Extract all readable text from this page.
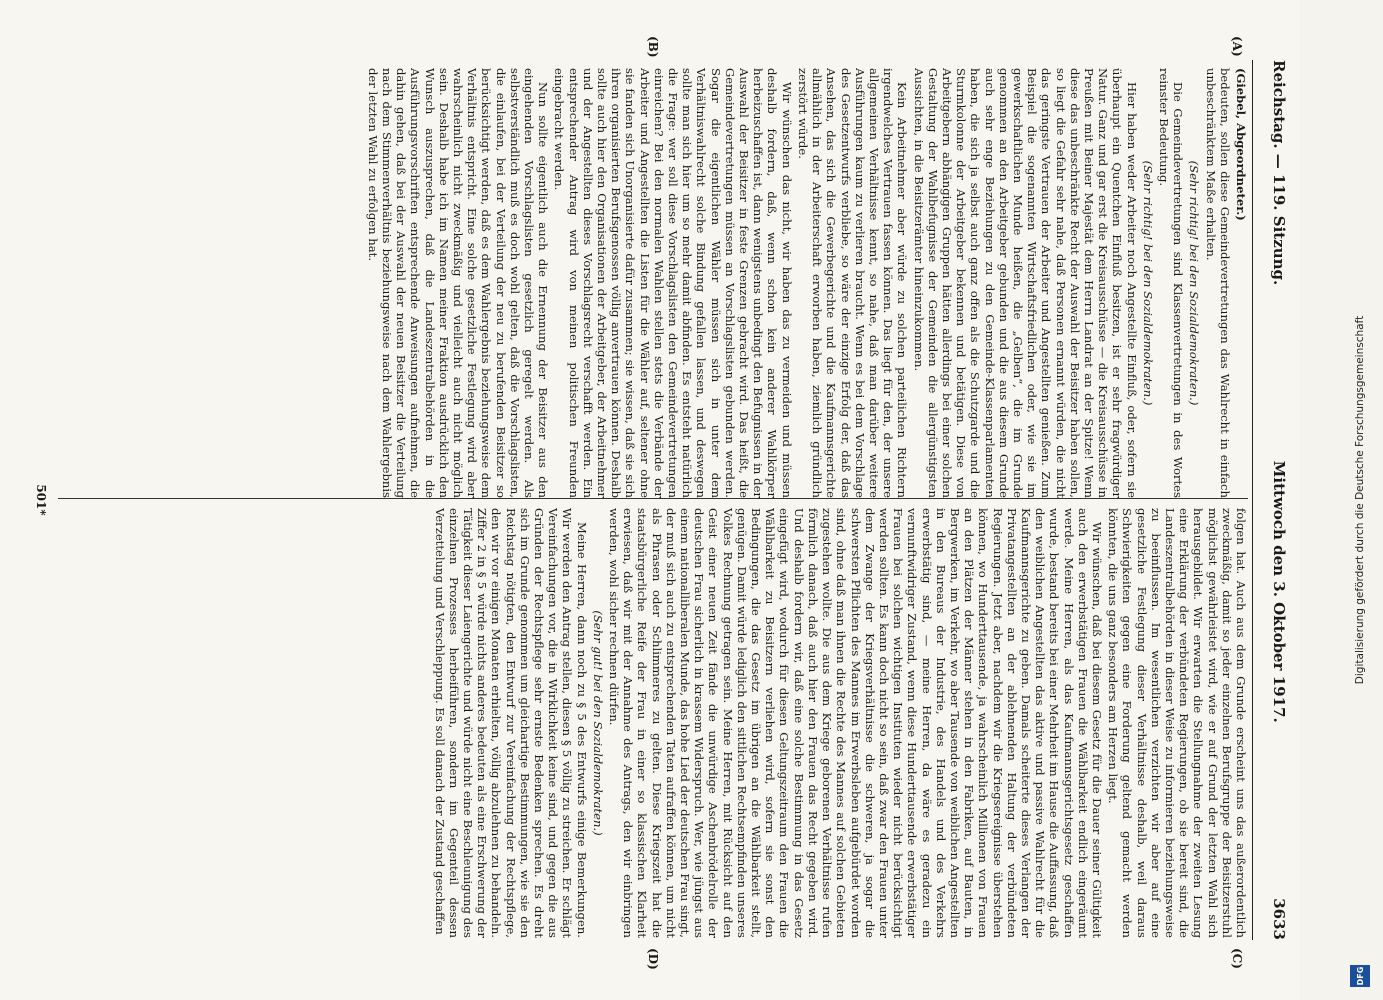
Reichstag. — 119. Sitzung.
Mittwoch den 3. Oktober 1917.
3633
(A)
(B)
(C)
(D)

(Giebel, Abgeordneter.)

bedeuten, sollen diese Gemeindevertretungen das Wahlrecht in einfach unbeschränktem Maße erhalten.

(Sehr richtig! bei den Sozialdemokraten.)

Die Gemeindevertretungen sind Klassenvertretungen in des Wortes reinster Bedeutung.

(Sehr richtig! bei den Sozialdemokraten.)

Hier haben weder Arbeiter noch Angestellte Einfluß, oder, sofern sie überhaupt ein Quentchen Einfluß besitzen, ist er sehr fragwürdiger Natur. Ganz und gar erst die Kreisausschüsse — die Kreisausschüsse in Preußen mit Beiner Majestät dem Herrn Landrat an der Spitze! Wenn diese das unbeschränkte Recht der Auswahl der Beisitzer haben sollen, so liegt die Gefahr sehr nahe, daß Personen ernannt würden, die nicht das geringste Vertrauen der Arbeiter und Angestellten genießen. Zum Beispiel die sogenannten Wirtschaftsfriedlichen oder, wie sie im gewerkschaftlichen Munde heißen, die „Gelben“, die im Grunde genommen an den Arbeitgeber gebunden und die aus diesem Grunde auch sehr enge Beziehungen zu den Gemeinde-Klassenparlamenten haben, die sich ja selbst auch ganz offen als die Schutzgarde und die Sturmkolonne der Arbeitgeber bekennen und betätigen. Diese von Arbeitgebern abhängigen Gruppen hätten allerdings bei einer solchen Gestaltung der Wahlbefugnisse der Gemeinden die allergünstigsten Aussichten, in die Beisitzerämter hineinzukommen.

Kein Arbeitnehmer aber würde zu solchen parteilichen Richtern irgendwelches Vertrauen fassen können. Das liegt für den, der unsere allgemeinen Verhältnisse kennt, so nahe, daß man darüber weitere Ausführungen kaum zu verlieren braucht. Wenn es bei dem Vorschlage des Gesetzentwurfs verbliebe, so wäre der einzige Erfolg der, daß das Ansehen, das sich die Gewerbegerichte und die Kaufmannsgerichte allmählich in der Arbeiterschaft erworben haben, ziemlich gründlich zerstört würde.

Wir wünschen das nicht, wir haben das zu vermeiden und müssen deshalb fordern, daß, wenn schon kein anderer Wahlkörper herbeizuschaffen ist, dann wenigstens unbedingt den Befugnissen in der Auswahl der Beisitzer in feste Grenzen gebracht wird. Das heißt, die Gemeindevertretungen müssen an Vorschlagslisten gebunden werden. Sogar die eigentlichen Wähler müssen sich in unter dem Verhältniswahlrecht solche Bindung gefallen lassen, und deswegen sollte man sich hier um so mehr damit abfinden. Es entsteht natürlich die Frage: wer soll diese Vorschlagslisten den Gemeindevertretungen einreichen? Bei den normalen Wahlen stellen stets die Verbände der Arbeiter und Angestellten die Listen für die Wähler auf, seltener ohne sie fanden sich Unorganisierte dafür zusammen; sie wissen, daß sie sich ihren organisierten Berufsgenossen völlig anvertrauen können. Deshalb sollte auch hier den Organisationen der Arbeitgeber, der Arbeitnehmer und der Angestellten dieses Vorschlagsrecht verschafft werden. Ein entsprechender Antrag wird von meinen politischen Freunden eingebracht werden.

Nun sollte eigentlich auch die Ernennung der Beisitzer aus den eingehenden Vorschlagslisten gesetzlich geregelt werden. Als selbstverständlich muß es doch wohl gelten, daß die Vorschlagslisten, die einlaufen, bei der Verteilung der neu zu berufenden Beisitzer so berücksichtigt werden, daß es dem Wahlergebnis beziehungsweise dem Verhältnis entspricht. Eine solche gesetzliche Festlegung wird aber wahrscheinlich nicht zweckmäßig und vielleicht auch nicht möglich sein. Deshalb habe ich im Namen meiner Fraktion ausdrücklich den Wunsch auszusprechen, daß die Landeszentralbehörden in die Ausführungsvorschriften entsprechende Anweisungen aufnehmen, die dahin gehen, daß bei der Auswahl der neuen Beisitzer die Verteilung nach dem Stimmenverhältnis beziehungsweise nach dem Wahlergebnis der letzten Wahl zu erfolgen hat.

folgen hat. Auch aus dem Grunde erscheint uns das außerordentlich zweckmäßig, damit so jeder einzelnen Berufsgruppe der Beisitzerstuhl möglichst gewährleistet wird, wie er auf Grund der letzten Wahl sich herausgebildet. Wir erwarten die Stellungnahme der zweiten Lesung eine Erklärung der verbündeten Regierungen, ob sie bereit sind, die Landeszentralbehörden in dieser Weise zu informieren beziehungsweise zu beeinflussen. Im wesentlichen verzichten wir aber auf eine gesetzliche Festlegung dieser Verhältnisse deshalb, weil daraus Schwierigkeiten gegen eine Forderung geltend gemacht werden könnten, die uns ganz besonders am Herzen liegt.

Wir wünschen, daß bei diesem Gesetz für die Dauer seiner Gültigkeit auch den erwerbstätigen Frauen die Wählbarkeit endlich eingeräumt werde. Meine Herren, als das Kaufmannsgerichtsgesetz geschaffen wurde, bestand bereits bei einer Mehrheit im Hause die Auffassung, daß den weiblichen Angestellten das aktive und passive Wahlrecht für die Kaufmannsgerichte zu geben. Damals scheiterte dieses Verlangen der Privatangestellten an der ablehnenden Haltung der verbündeten Regierungen. Jetzt aber, nachdem wir die Kriegsereignisse überstehen können, wo Hunderttausende, ja wahrscheinlich Millionen von Frauen an den Plätzen der Männer stehen in den Fabriken, auf Bauten, in Bergwerken, im Verkehr, wo aber Tausende von weiblichen Angestellten in den Bureaus der Industrie, des Handels und des Verkehrs erwerbstätig sind, — meine Herren, da wäre es geradezu ein vernunftwidriger Zustand, wenn diese Hunderttausende erwerbstätiger Frauen bei solchen wichtigen Instituten wieder nicht berücksichtigt werden sollten. Es kann doch nicht so sein, daß zwar den Frauen unter dem Zwange der Kriegsverhältnisse die schweren, ja sogar die schwersten Pflichten des Mannes im Erwerbsleben aufgebürdet worden sind, ohne daß man ihnen die Rechte des Mannes auf solchen Gebieten zugestehen wollte. Die aus dem Kriege geborenen Verhältnisse rufen förmlich danach, daß auch hier den Frauen das Recht gegeben wird. Und deshalb fordern wir, daß eine solche Bestimmung in das Gesetz eingefügt wird, wodurch für diesen Geltungszeitraum den Frauen die Wählbarkeit zu Beisitzern verliehen wird, sofern sie sonst den Bedingungen, die das Gesetz im übrigen an die Wählbarkeit stellt, genügen. Damit würde lediglich den sittlichen Rechtsempfinden unseres Volkes Rechnung getragen sein. Meine Herren, mit Rücksicht auf den Geist einer neuen Zeit fände die unwürdige Aschenbrödelrolle der deutschen Frau sicherlich in krassem Widerspruch. Wer, wie jüngst aus einem nationalliberalen Munde, das hohe Lied der deutschen Frau singt, der muß sich auch zu entsprechenden Taten aufraffen können, um nicht als Phrasen oder Schlimmeres zu gelten. Diese Kriegszeit hat die staatsbürgerliche Reife der Frau in einer so klassischen Klarheit erwiesen, daß wir mit der Annahme des Antrags, den wir einbringen werden, wohl sicher rechnen dürfen.

(Sehr gut! bei den Sozialdemokraten.)

Meine Herren, dann noch zu § 5 des Entwurfs einige Bemerkungen. Wir werden den Antrag stellen, diesen § 5 völlig zu streichen. Er schlägt Vereinfachungen vor, die in Wirklichkeit keine sind, und gegen die aus Gründen der Rechtspflege sehr ernste Bedenken sprechen. Es dreht sich im Grunde genommen um gleichartige Bestimmungen, wie sie den Reichstag nötigten, den Entwurf zur Vereinfachung der Rechtspflege, den wir vor einigen Monaten erhielten, völlig abzulehnen zu behandeln. Ziffer 2 in § 5 würde nichts anderes bedeuten als eine Erschwerung der Tätigkeit dieser Laiengerichte und würde nicht eine Beschleunigung des einzelnen Prozesses herbeiführen, sondern im Gegenteil dessen Verzettelung und Verschleppung. Es soll danach der Zustand geschaffen

501*	Digitalisierung gefördert durch die Deutsche Forschungsgemeinschaft
DFG
